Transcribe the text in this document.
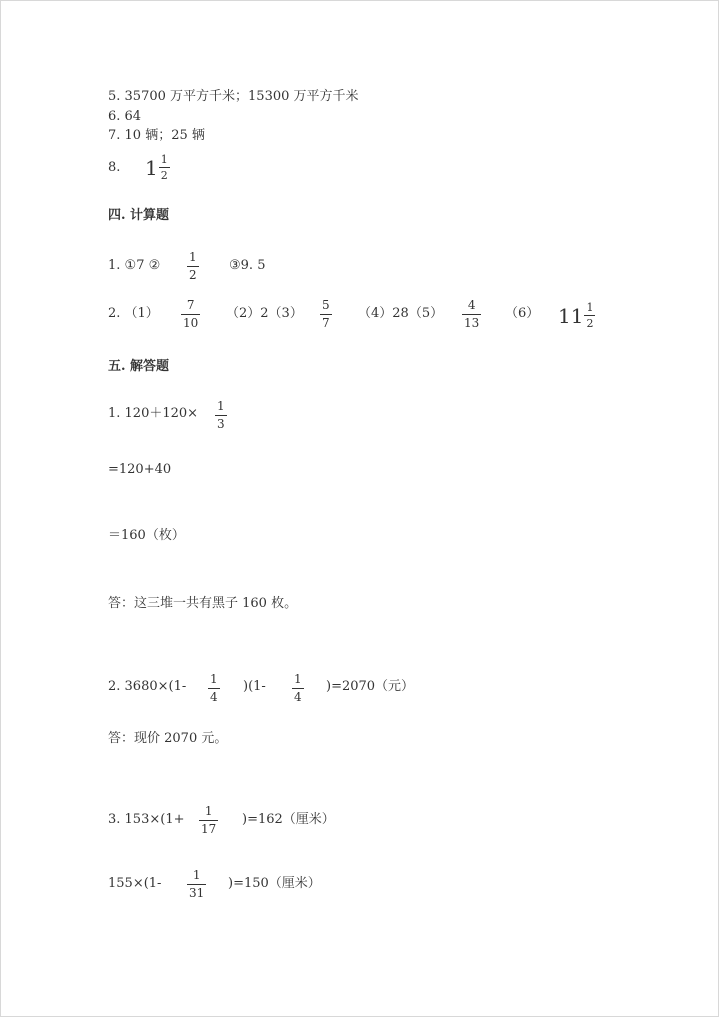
5. 35700 万平方千米；15300 万平方千米
6. 64
7. 10 辆；25 辆
8. $1 \frac{1}{2}$
四. 计算题
1. ①7 ②
1
2
③9. 5
2. （1）
7
10
（2）2（3）
5
7
（4）28（5）
4
13
（6） $11 \frac{1}{2}$
五. 解答题
1. 120＋120× 1
3
=120+40
＝160（枚）
答：这三堆一共有黑子 160 枚。
2. 3680×(1- 1
4
)(1- 1
4
)=2070（元）
答：现价 2070 元。
3. 153×(1+
1
17
)=162（厘米）
155×(1-
1
31
)=150（厘米）
